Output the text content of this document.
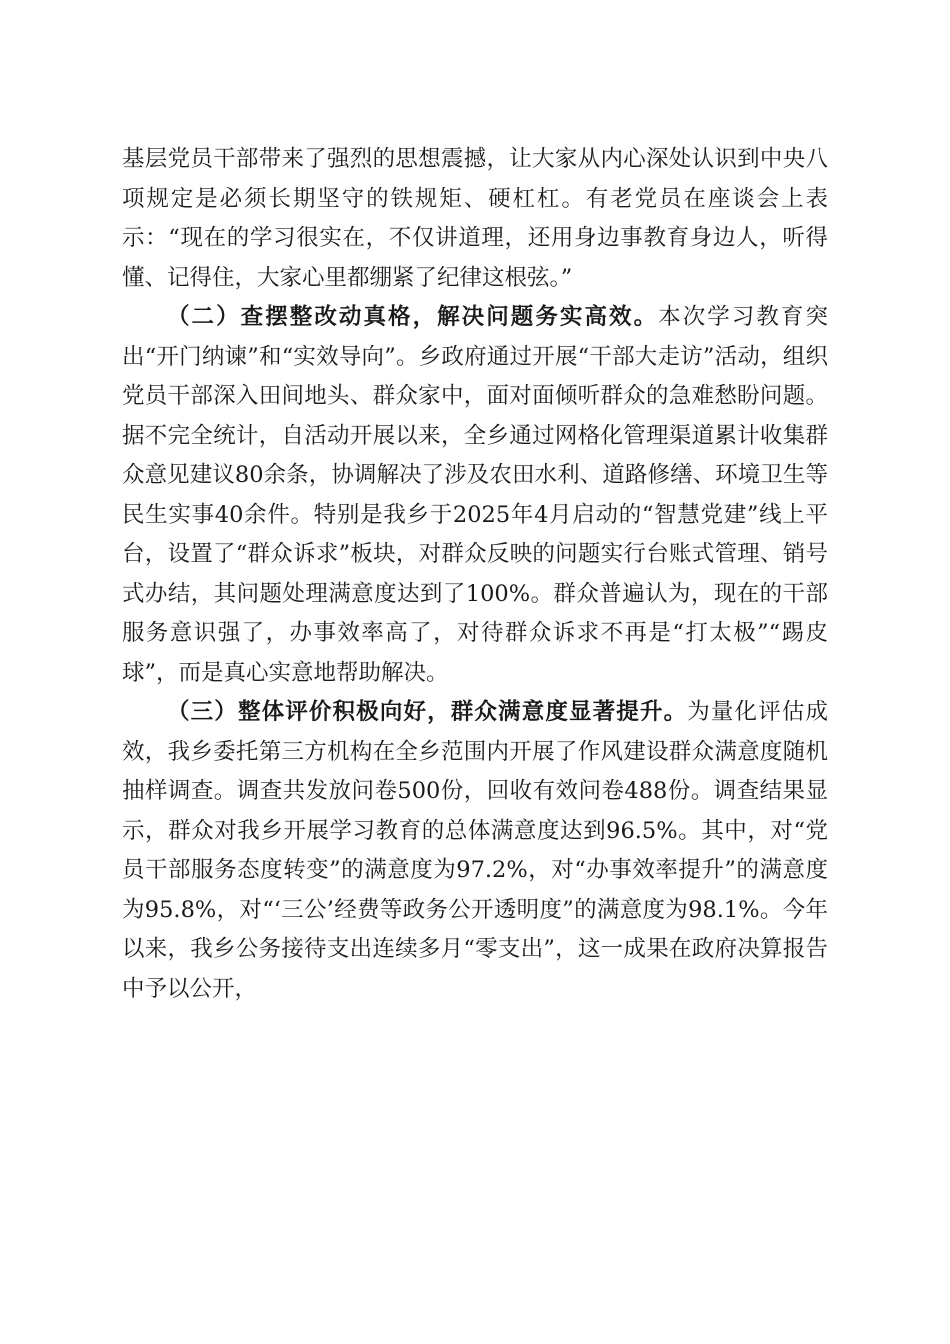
基层党员干部带来了强烈的思想震撼，让大家从内心深处认识到中央八项规定是必须长期坚守的铁规矩、硬杠杠。有老党员在座谈会上表示：“现在的学习很实在，不仅讲道理，还用身边事教育身边人，听得懂、记得住，大家心里都绷紧了纪律这根弦。”

（二）查摆整改动真格，解决问题务实高效。本次学习教育突出“开门纳谏”和“实效导向”。乡政府通过开展“干部大走访”活动，组织党员干部深入田间地头、群众家中，面对面倾听群众的急难愁盼问题。据不完全统计，自活动开展以来，全乡通过网格化管理渠道累计收集群众意见建议80余条，协调解决了涉及农田水利、道路修缮、环境卫生等民生实事40余件。特别是我乡于2025年4月启动的“智慧党建”线上平台，设置了“群众诉求”板块，对群众反映的问题实行台账式管理、销号式办结，其问题处理满意度达到了100%。群众普遍认为，现在的干部服务意识强了，办事效率高了，对待群众诉求不再是“打太极”“踢皮球”，而是真心实意地帮助解决。

（三）整体评价积极向好，群众满意度显著提升。为量化评估成效，我乡委托第三方机构在全乡范围内开展了作风建设群众满意度随机抽样调查。调查共发放问卷500份，回收有效问卷488份。调查结果显示，群众对我乡开展学习教育的总体满意度达到96.5%。其中，对“党员干部服务态度转变”的满意度为97.2%，对“办事效率提升”的满意度为95.8%，对“‘三公’经费等政务公开透明度”的满意度为98.1%。今年以来，我乡公务接待支出连续多月“零支出”，这一成果在政府决算报告中予以公开，
